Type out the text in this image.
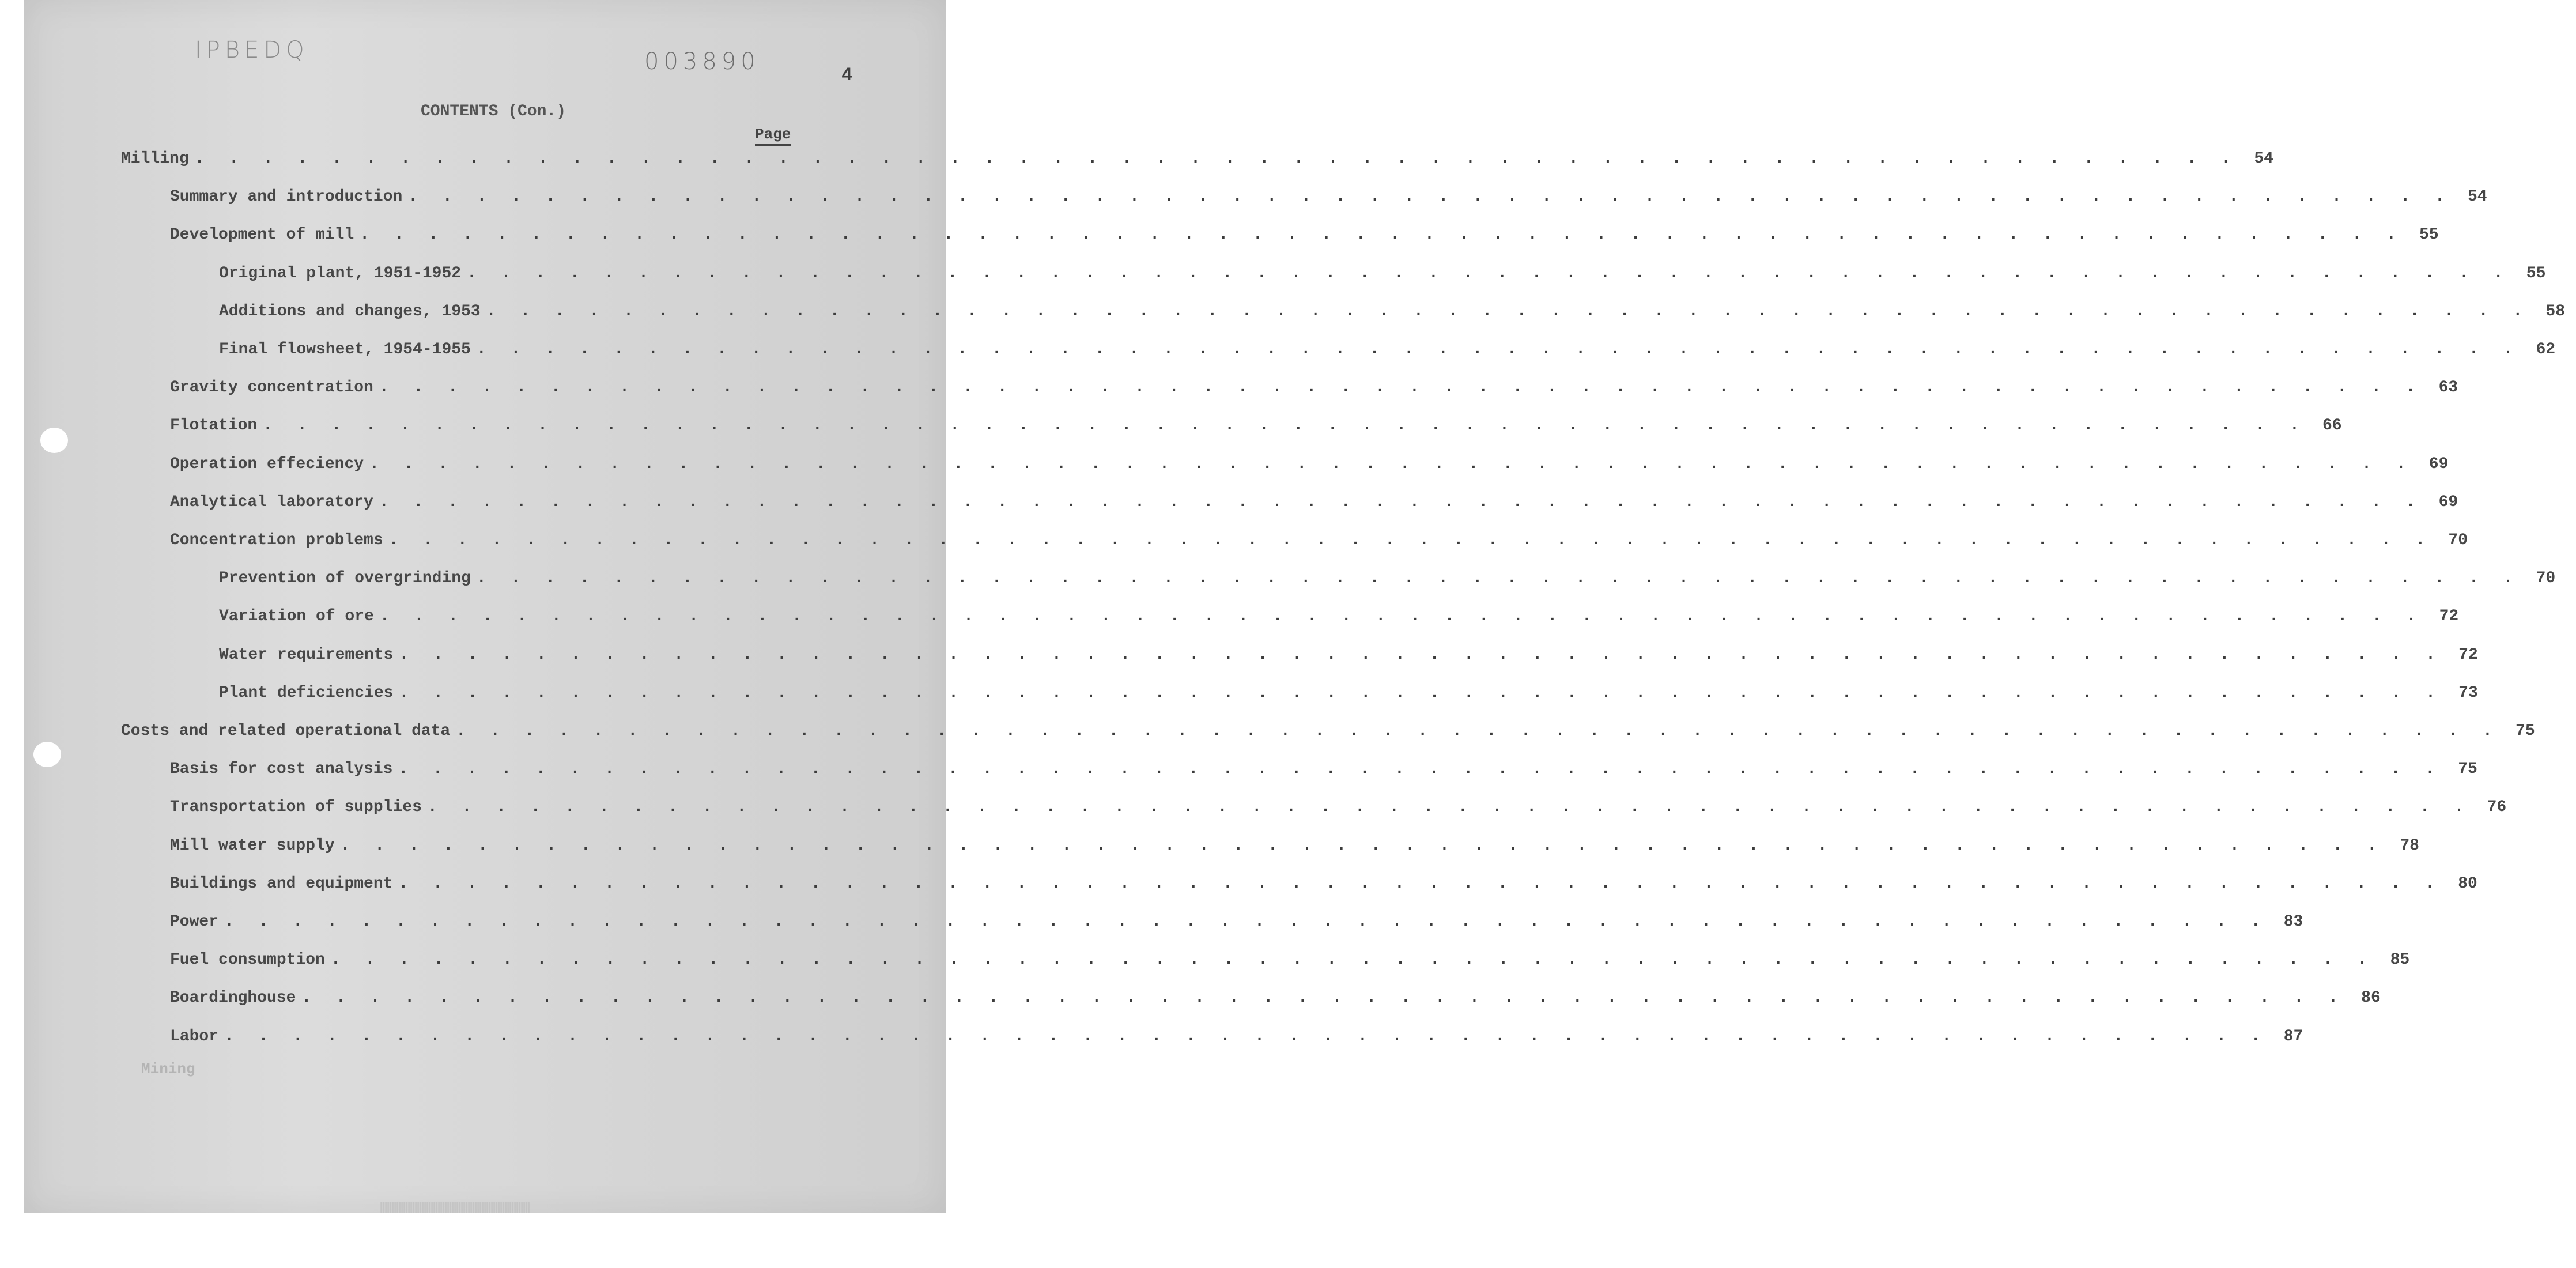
IPBEDQ	003890
4
CONTENTS (Con.)
Page
Milling . . . . . . . . . . . . . . . . . . . . . . . . . . . . . . . . . . . . . . . . . . . . . . . . . . . . . . . . . . . . 54
Summary and introduction . . . . . . . . . . . . . . . . . . . . . . . . . . . . . . . . . . . . . . . . . . . . . . . . . . . . . . . . . . . . 54
Development of mill . . . . . . . . . . . . . . . . . . . . . . . . . . . . . . . . . . . . . . . . . . . . . . . . . . . . . . . . . . . . 55
Original plant, 1951-1952 . . . . . . . . . . . . . . . . . . . . . . . . . . . . . . . . . . . . . . . . . . . . . . . . . . . . . . . . . . . . 55
Additions and changes, 1953 . . . . . . . . . . . . . . . . . . . . . . . . . . . . . . . . . . . . . . . . . . . . . . . . . . . . . . . . . . . . 58
Final flowsheet, 1954-1955 . . . . . . . . . . . . . . . . . . . . . . . . . . . . . . . . . . . . . . . . . . . . . . . . . . . . . . . . . . . . 62
Gravity concentration . . . . . . . . . . . . . . . . . . . . . . . . . . . . . . . . . . . . . . . . . . . . . . . . . . . . . . . . . . . . 63
Flotation . . . . . . . . . . . . . . . . . . . . . . . . . . . . . . . . . . . . . . . . . . . . . . . . . . . . . . . . . . . . 66
Operation effeciency . . . . . . . . . . . . . . . . . . . . . . . . . . . . . . . . . . . . . . . . . . . . . . . . . . . . . . . . . . . . 69
Analytical laboratory . . . . . . . . . . . . . . . . . . . . . . . . . . . . . . . . . . . . . . . . . . . . . . . . . . . . . . . . . . . . 69
Concentration problems . . . . . . . . . . . . . . . . . . . . . . . . . . . . . . . . . . . . . . . . . . . . . . . . . . . . . . . . . . . . 70
Prevention of overgrinding . . . . . . . . . . . . . . . . . . . . . . . . . . . . . . . . . . . . . . . . . . . . . . . . . . . . . . . . . . . . 70
Variation of ore . . . . . . . . . . . . . . . . . . . . . . . . . . . . . . . . . . . . . . . . . . . . . . . . . . . . . . . . . . . . 72
Water requirements . . . . . . . . . . . . . . . . . . . . . . . . . . . . . . . . . . . . . . . . . . . . . . . . . . . . . . . . . . . . 72
Plant deficiencies . . . . . . . . . . . . . . . . . . . . . . . . . . . . . . . . . . . . . . . . . . . . . . . . . . . . . . . . . . . . 73
Costs and related operational data . . . . . . . . . . . . . . . . . . . . . . . . . . . . . . . . . . . . . . . . . . . . . . . . . . . . . . . . . . . . 75
Basis for cost analysis . . . . . . . . . . . . . . . . . . . . . . . . . . . . . . . . . . . . . . . . . . . . . . . . . . . . . . . . . . . . 75
Transportation of supplies . . . . . . . . . . . . . . . . . . . . . . . . . . . . . . . . . . . . . . . . . . . . . . . . . . . . . . . . . . . . 76
Mill water supply . . . . . . . . . . . . . . . . . . . . . . . . . . . . . . . . . . . . . . . . . . . . . . . . . . . . . . . . . . . . 78
Buildings and equipment . . . . . . . . . . . . . . . . . . . . . . . . . . . . . . . . . . . . . . . . . . . . . . . . . . . . . . . . . . . . 80
Power . . . . . . . . . . . . . . . . . . . . . . . . . . . . . . . . . . . . . . . . . . . . . . . . . . . . . . . . . . . . 83
Fuel consumption . . . . . . . . . . . . . . . . . . . . . . . . . . . . . . . . . . . . . . . . . . . . . . . . . . . . . . . . . . . . 85
Boardinghouse . . . . . . . . . . . . . . . . . . . . . . . . . . . . . . . . . . . . . . . . . . . . . . . . . . . . . . . . . . . . 86
Labor . . . . . . . . . . . . . . . . . . . . . . . . . . . . . . . . . . . . . . . . . . . . . . . . . . . . . . . . . . . . 87
Mining
